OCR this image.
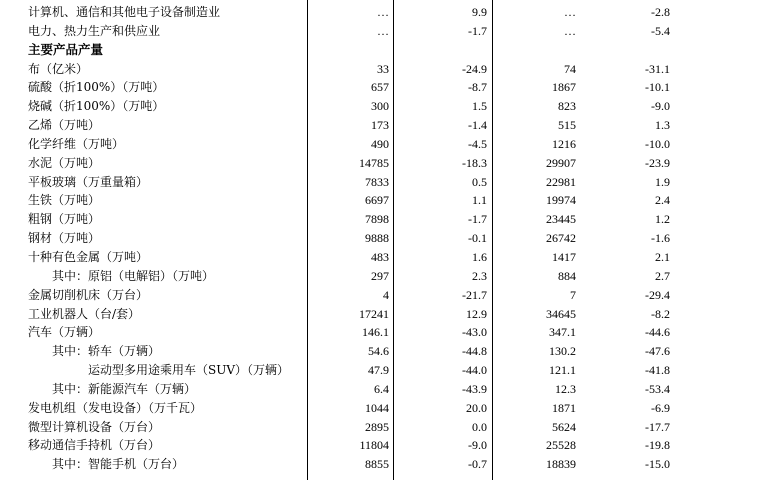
计算机、通信和其他电子设备制造业	…	9.9	…	-2.8
电力、热力生产和供应业	…	-1.7	…	-5.4
主要产品产量
布（亿米）	33	-24.9	74	-31.1
硫酸（折100%）（万吨）	657	-8.7	1867	-10.1
烧碱（折100%）（万吨）	300	1.5	823	-9.0
乙烯（万吨）	173	-1.4	515	1.3
化学纤维（万吨）	490	-4.5	1216	-10.0
水泥（万吨）	14785	-18.3	29907	-23.9
平板玻璃（万重量箱）	7833	0.5	22981	1.9
生铁（万吨）	6697	1.1	19974	2.4
粗钢（万吨）	7898	-1.7	23445	1.2
钢材（万吨）	9888	-0.1	26742	-1.6
十种有色金属（万吨）	483	1.6	1417	2.1
其中：原铝（电解铝）（万吨）	297	2.3	884	2.7
金属切削机床（万台）	4	-21.7	7	-29.4
工业机器人（台/套）	17241	12.9	34645	-8.2
汽车（万辆）	146.1	-43.0	347.1	-44.6
其中：轿车（万辆）	54.6	-44.8	130.2	-47.6
运动型多用途乘用车（SUV）（万辆）	47.9	-44.0	121.1	-41.8
其中：新能源汽车（万辆）	6.4	-43.9	12.3	-53.4
发电机组（发电设备）（万千瓦）	1044	20.0	1871	-6.9
微型计算机设备（万台）	2895	0.0	5624	-17.7
移动通信手持机（万台）	11804	-9.0	25528	-19.8
其中：智能手机（万台）	8855	-0.7	18839	-15.0
